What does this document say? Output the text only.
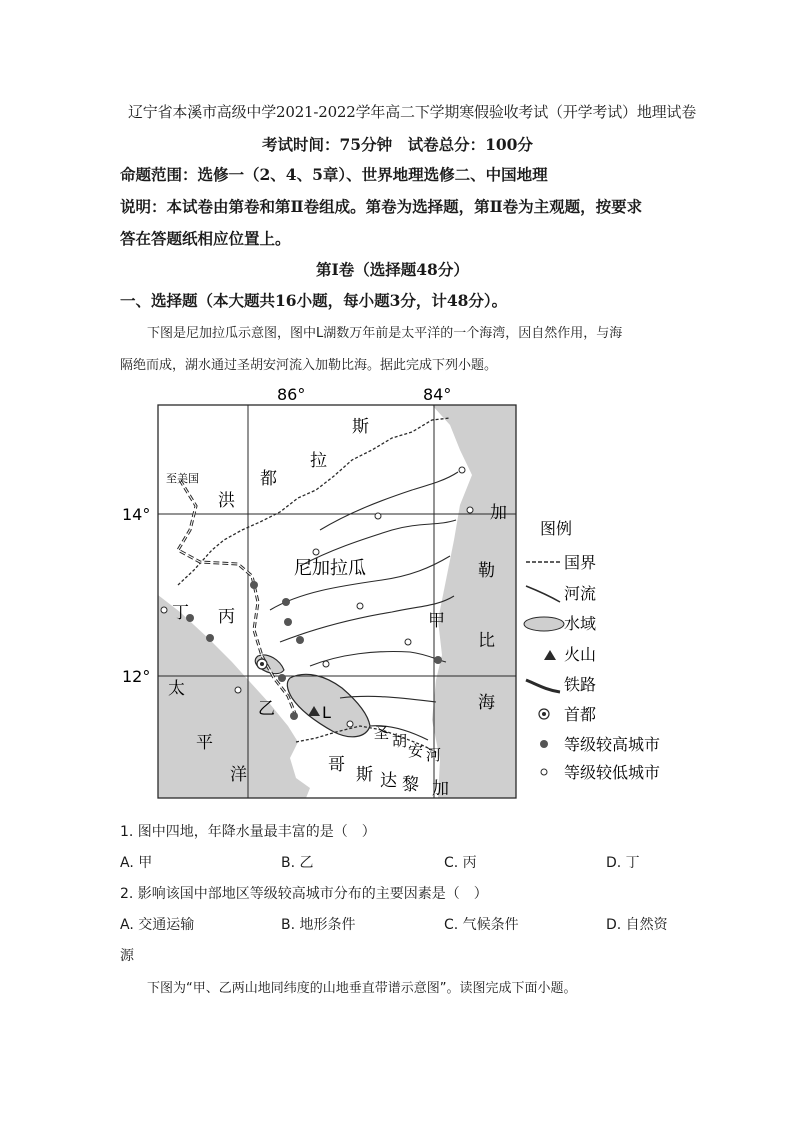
辽宁省本溪市高级中学2021-2022学年高二下学期寒假验收考试（开学考试）地理试卷
考试时间：75分钟　试卷总分：100分
命题范围：选修一（2、4、5章）、世界地理选修二、中国地理
说明：本试卷由第卷和第Ⅱ卷组成。第卷为选择题，第Ⅱ卷为主观题，按要求
答在答题纸相应位置上。
第Ⅰ卷（选择题48分）
一、选择题（本大题共16小题，每小题3分，计48分）。
下图是尼加拉瓜示意图，图中L湖数万年前是太平洋的一个海湾，因自然作用，与海
隔绝而成，湖水通过圣胡安河流入加勒比海。据此完成下列小题。
86°	84°
14°
12°
至美国
洪
都
拉
斯
尼加拉瓜
加
勒
比
海
太
平
洋	哥 斯 达 黎 加
圣 胡
安 河
甲
乙
丙
丁
L
图例
国界
河流
水域
火山
铁路
首都
等级较高城市
等级较低城市
1. 图中四地，年降水量最丰富的是（　）
A. 甲	B. 乙	C. 丙	D. 丁
2. 影响该国中部地区等级较高城市分布的主要因素是（　）
A. 交通运输	B. 地形条件	C. 气候条件	D. 自然资
源
下图为“甲、乙两山地同纬度的山地垂直带谱示意图”。读图完成下面小题。
